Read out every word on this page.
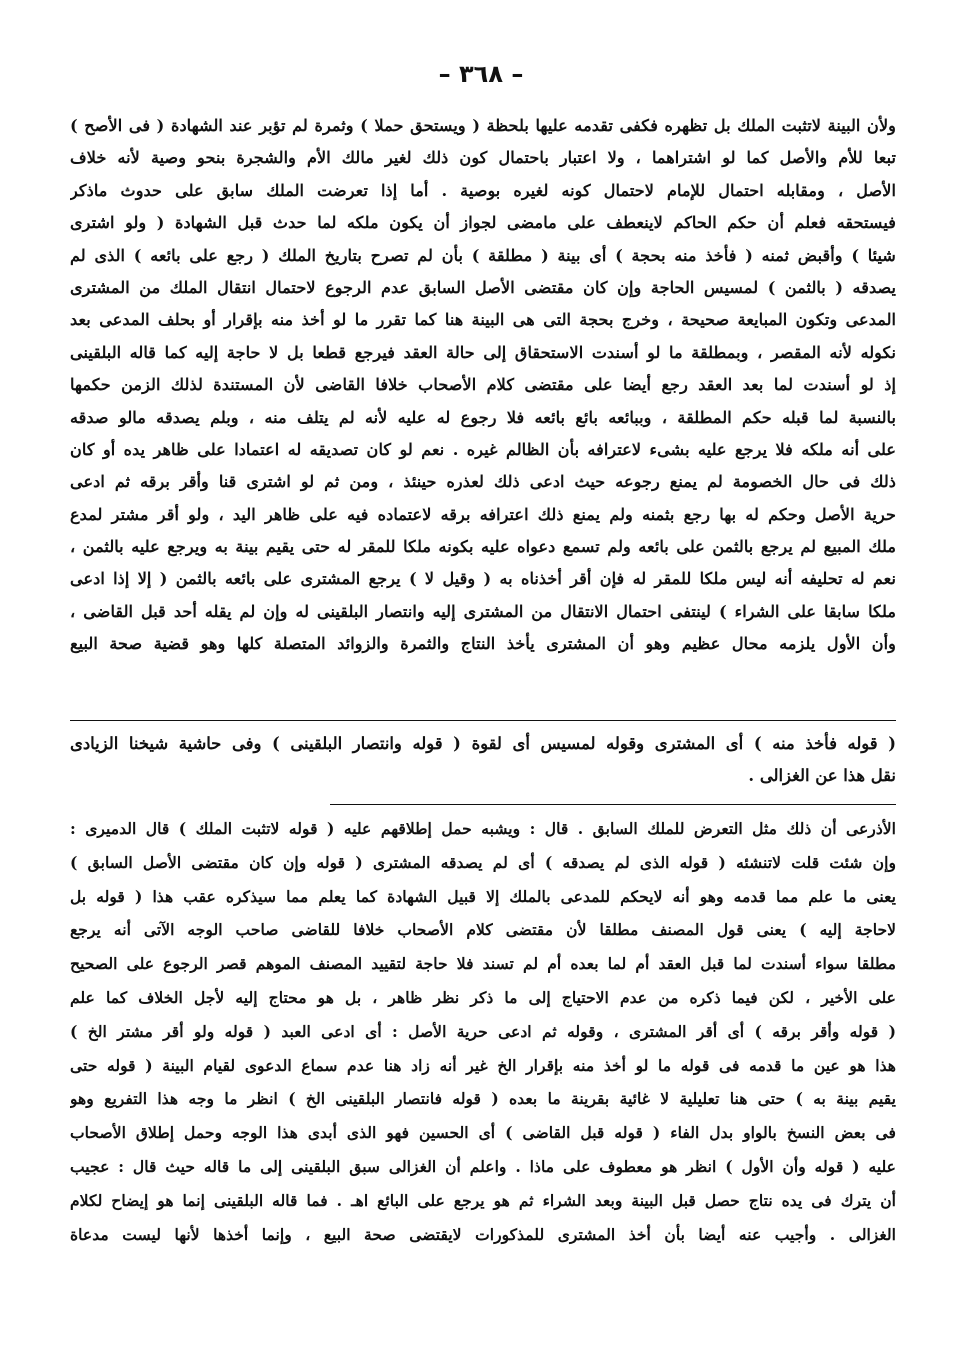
– ٣٦٨ –
ولأن البينة لاتثبت الملك بل تظهره فكفى تقدمه عليها بلحظة ( ويستحق حملا ) وثمرة لم تؤبر عند الشهادة ( فى الأصح )
تبعا للأم والأصل كما لو اشتراهما ، ولا اعتبار باحتمال كون ذلك لغير مالك الأم والشجرة بنحو وصية لأنه خلاف
الأصل ، ومقابله احتمال للإمام لاحتمال كونه لغيره بوصية . أما إذا تعرضت الملك سابق على حدوث ماذكر
فيستحقه فعلم أن حكم الحاكم لاينعطف على مامضى لجواز أن يكون ملكه لما حدث قبل الشهادة ( ولو اشترى
شيئا ) وأقبض ثمنه ( فأخذ منه بحجة ) أى بينة ( مطلقة ) بأن لم تصرح بتاريخ الملك ( رجع على بائعه ) الذى لم
يصدقه ( بالثمن ) لمسيس الحاجة وإن كان مقتضى الأصل السابق عدم الرجوع لاحتمال انتقال الملك من المشترى
المدعى وتكون المبايعة صحيحة ، وخرج بحجة التى هى البينة هنا كما تقرر ما لو أخذ منه بإقرار أو بحلف المدعى بعد
نكوله لأنه المقصر ، وبمطلقة ما لو أسندت الاستحقاق إلى حالة العقد فيرجع قطعا بل لا حاجة إليه كما قاله البلقينى
إذ لو أسندت لما بعد العقد رجع أيضا على مقتضى كلام الأصحاب خلافا القاضى لأن المستندة لذلك الزمن حكمها
بالنسبة لما قبله حكم المطلقة ، وببائعه بائع بائعه فلا رجوع له عليه لأنه لم يتلف منه ، وبلم يصدقه مالو صدقه
على أنه ملكه فلا يرجع عليه بشىء لاعترافه بأن الظالم غيره . نعم لو كان تصديقه له اعتمادا على ظاهر يده أو كان
ذلك فى حال الخصومة لم يمنع رجوعه حيث ادعى ذلك لعذره حينئذ ، ومن ثم لو اشترى قنا وأقر برقه ثم ادعى
حرية الأصل وحكم له بها رجع بثمنه ولم يمنع ذلك اعترافه برقه لاعتماده فيه على ظاهر اليد ، ولو أقر مشتر لمدع
ملك المبيع لم يرجع بالثمن على بائعه ولم تسمع دعواه عليه بكونه ملكا للمقر له حتى يقيم بينة به ويرجع عليه بالثمن ،
نعم له تحليفه أنه ليس ملكا للمقر له فإن أقر أخذناه به ( وقيل لا ) يرجع المشترى على بائعه بالثمن ( إلا إذا ادعى
ملكا سابقا على الشراء ) لينتفى احتمال الانتقال من المشترى إليه وانتصار البلقينى له وإن لم يقله أحد قبل القاضى ،
وأن الأول يلزمه محال عظيم وهو أن المشترى يأخذ النتاج والثمرة والزوائد المتصلة كلها وهو قضية صحة البيع
( قوله فأخذ منه ) أى المشترى وقوله لمسيس أى لقوة ( قوله وانتصار البلقينى ) وفى حاشية شيخنا الزيادى
نقل هذا عن الغزالى .
الأذرعى أن ذلك مثل التعرض للملك السابق . قال : ويشبه حمل إطلاقهم عليه ( قوله لاتثبت الملك ) قال الدميرى :
وإن شئت قلت لاتنشئه ( قوله الذى لم يصدقه ) أى لم يصدقه المشترى ( قوله وإن كان مقتضى الأصل السابق )
يعنى ما علم مما قدمه وهو أنه لايحكم للمدعى بالملك إلا قبيل الشهادة كما يعلم مما سيذكره عقب هذا ( قوله بل
لاحاجة إليه ) يعنى قول المصنف مطلقا لأن مقتضى كلام الأصحاب خلافا للقاضى صاحب الوجه الآتى أنه يرجع
مطلقا سواء أسندت لما قبل العقد أم لما بعده أم لم تسند فلا حاجة لتقييد المصنف الموهم قصر الرجوع على الصحيح
على الأخير ، لكن فيما ذكره من عدم الاحتياج إلى ما ذكر نظر ظاهر ، بل هو محتاج إليه لأجل الخلاف كما علم
( قوله وأقر برقه ) أى أقر المشترى ، وقوله ثم ادعى حرية الأصل : أى ادعى العبد ( قوله ولو أقر مشتر الخ )
هذا هو عين ما قدمه فى قوله ما لو أخذ منه بإقرار الخ غير أنه زاد هنا عدم سماع الدعوى لقيام البينة ( قوله حتى
يقيم بينة به ) حتى هنا تعليلية لا غائية بقرينة ما بعده ( قوله فانتصار البلقينى الخ ) انظر ما وجه هذا التفريع وهو
فى بعض النسخ بالواو بدل الفاء ( قوله قبل القاضى ) أى الحسين فهو الذى أبدى هذا الوجه وحمل إطلاق الأصحاب
عليه ( قوله وأن الأول ) انظر هو معطوف على ماذا . واعلم أن الغزالى سبق البلقينى إلى ما قاله حيث قال : عجيب
أن يترك فى يده نتاج حصل قبل البينة وبعد الشراء ثم هو يرجع على البائع اهـ . فما قاله البلقينى إنما هو إيضاح لكلام
الغزالى . وأجيب عنه أيضا بأن أخذ المشترى للمذكورات لايقتضى صحة البيع ، وإنما أخذها لأنها ليست مدعاة
